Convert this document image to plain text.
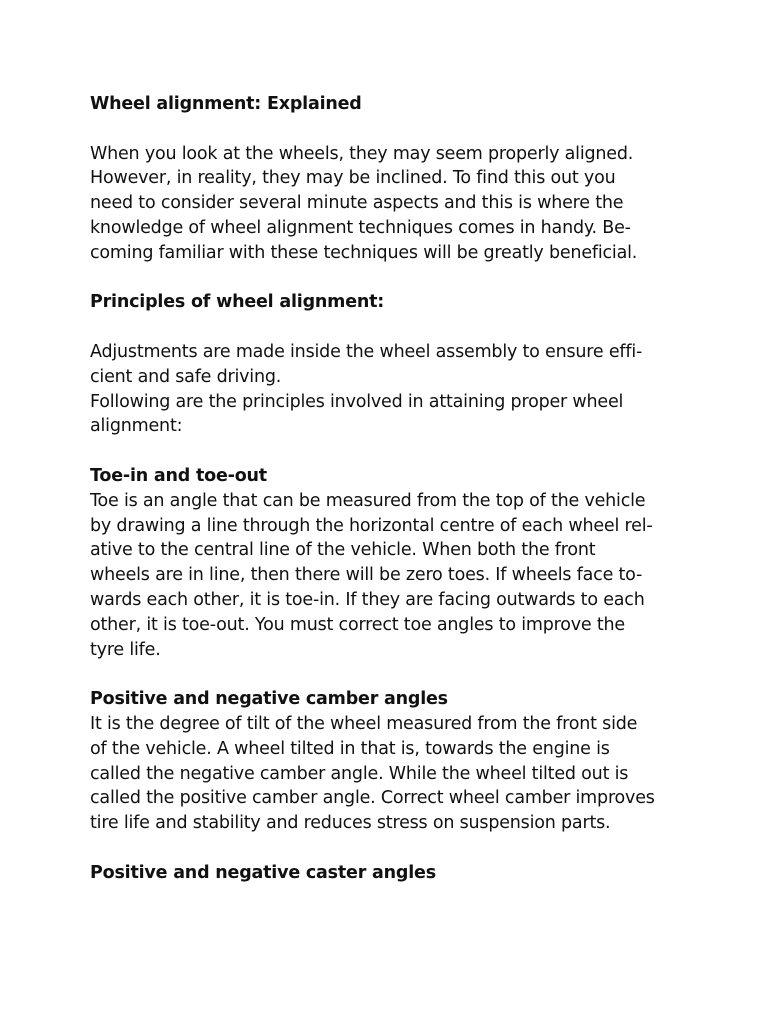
Wheel alignment: Explained
When you look at the wheels, they may seem properly aligned.
However, in reality, they may be inclined. To find this out you
need to consider several minute aspects and this is where the
knowledge of wheel alignment techniques comes in handy. Be-
coming familiar with these techniques will be greatly beneficial.
Principles of wheel alignment:
Adjustments are made inside the wheel assembly to ensure effi-
cient and safe driving.
Following are the principles involved in attaining proper wheel
alignment:
Toe-in and toe-out
Toe is an angle that can be measured from the top of the vehicle
by drawing a line through the horizontal centre of each wheel rel-
ative to the central line of the vehicle. When both the front
wheels are in line, then there will be zero toes. If wheels face to-
wards each other, it is toe-in. If they are facing outwards to each
other, it is toe-out. You must correct toe angles to improve the
tyre life.
Positive and negative camber angles
It is the degree of tilt of the wheel measured from the front side
of the vehicle. A wheel tilted in that is, towards the engine is
called the negative camber angle. While the wheel tilted out is
called the positive camber angle. Correct wheel camber improves
tire life and stability and reduces stress on suspension parts.
Positive and negative caster angles
